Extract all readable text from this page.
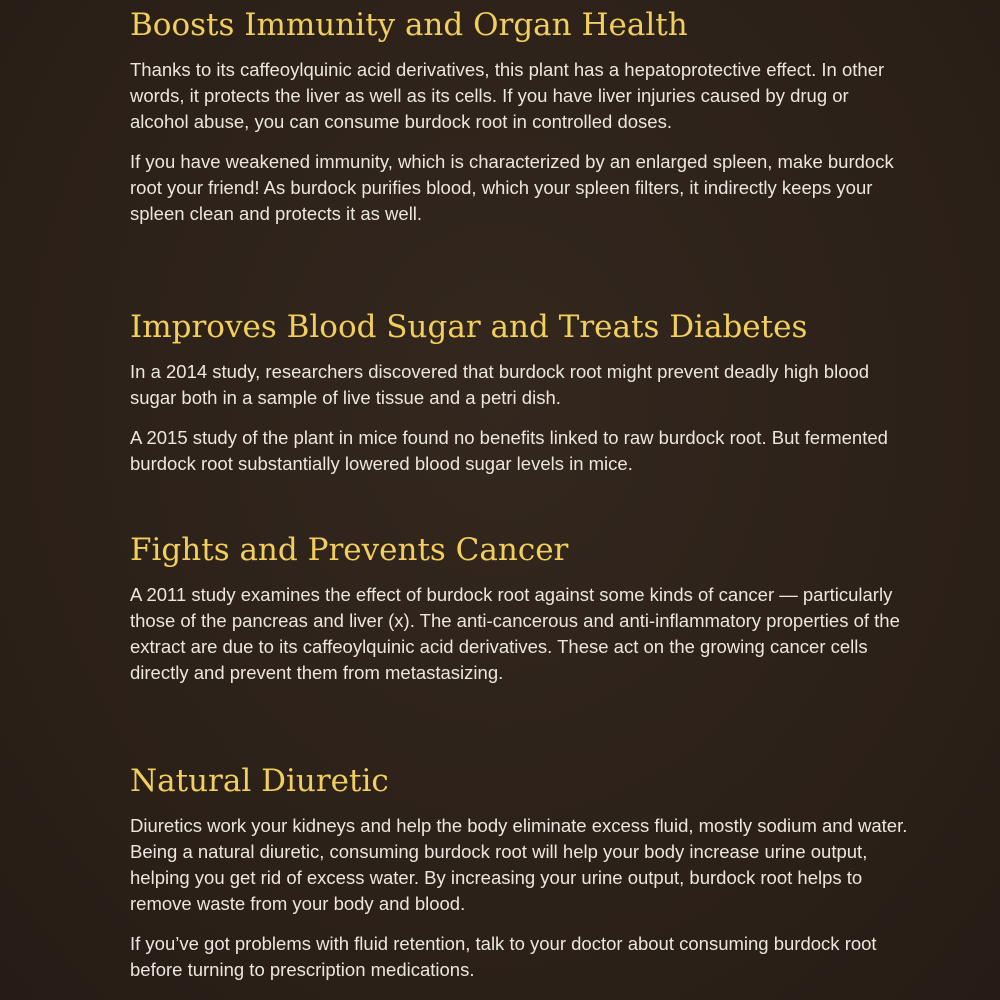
Boosts Immunity and Organ Health

Thanks to its caffeoylquinic acid derivatives, this plant has a hepatoprotective effect. In other words, it protects the liver as well as its cells. If you have liver injuries caused by drug or alcohol abuse, you can consume burdock root in controlled doses.

If you have weakened immunity, which is characterized by an enlarged spleen, make burdock root your friend! As burdock purifies blood, which your spleen filters, it indirectly keeps your spleen clean and protects it as well.

Improves Blood Sugar and Treats Diabetes

In a 2014 study, researchers discovered that burdock root might prevent deadly high blood sugar both in a sample of live tissue and a petri dish.

A 2015 study of the plant in mice found no benefits linked to raw burdock root. But fermented burdock root substantially lowered blood sugar levels in mice.

Fights and Prevents Cancer

A 2011 study examines the effect of burdock root against some kinds of cancer — particularly those of the pancreas and liver (x). The anti-cancerous and anti-inflammatory properties of the extract are due to its caffeoylquinic acid derivatives. These act on the growing cancer cells directly and prevent them from metastasizing.

Natural Diuretic

Diuretics work your kidneys and help the body eliminate excess fluid, mostly sodium and water. Being a natural diuretic, consuming burdock root will help your body increase urine output, helping you get rid of excess water. By increasing your urine output, burdock root helps to remove waste from your body and blood.

If you’ve got problems with fluid retention, talk to your doctor about consuming burdock root before turning to prescription medications.
